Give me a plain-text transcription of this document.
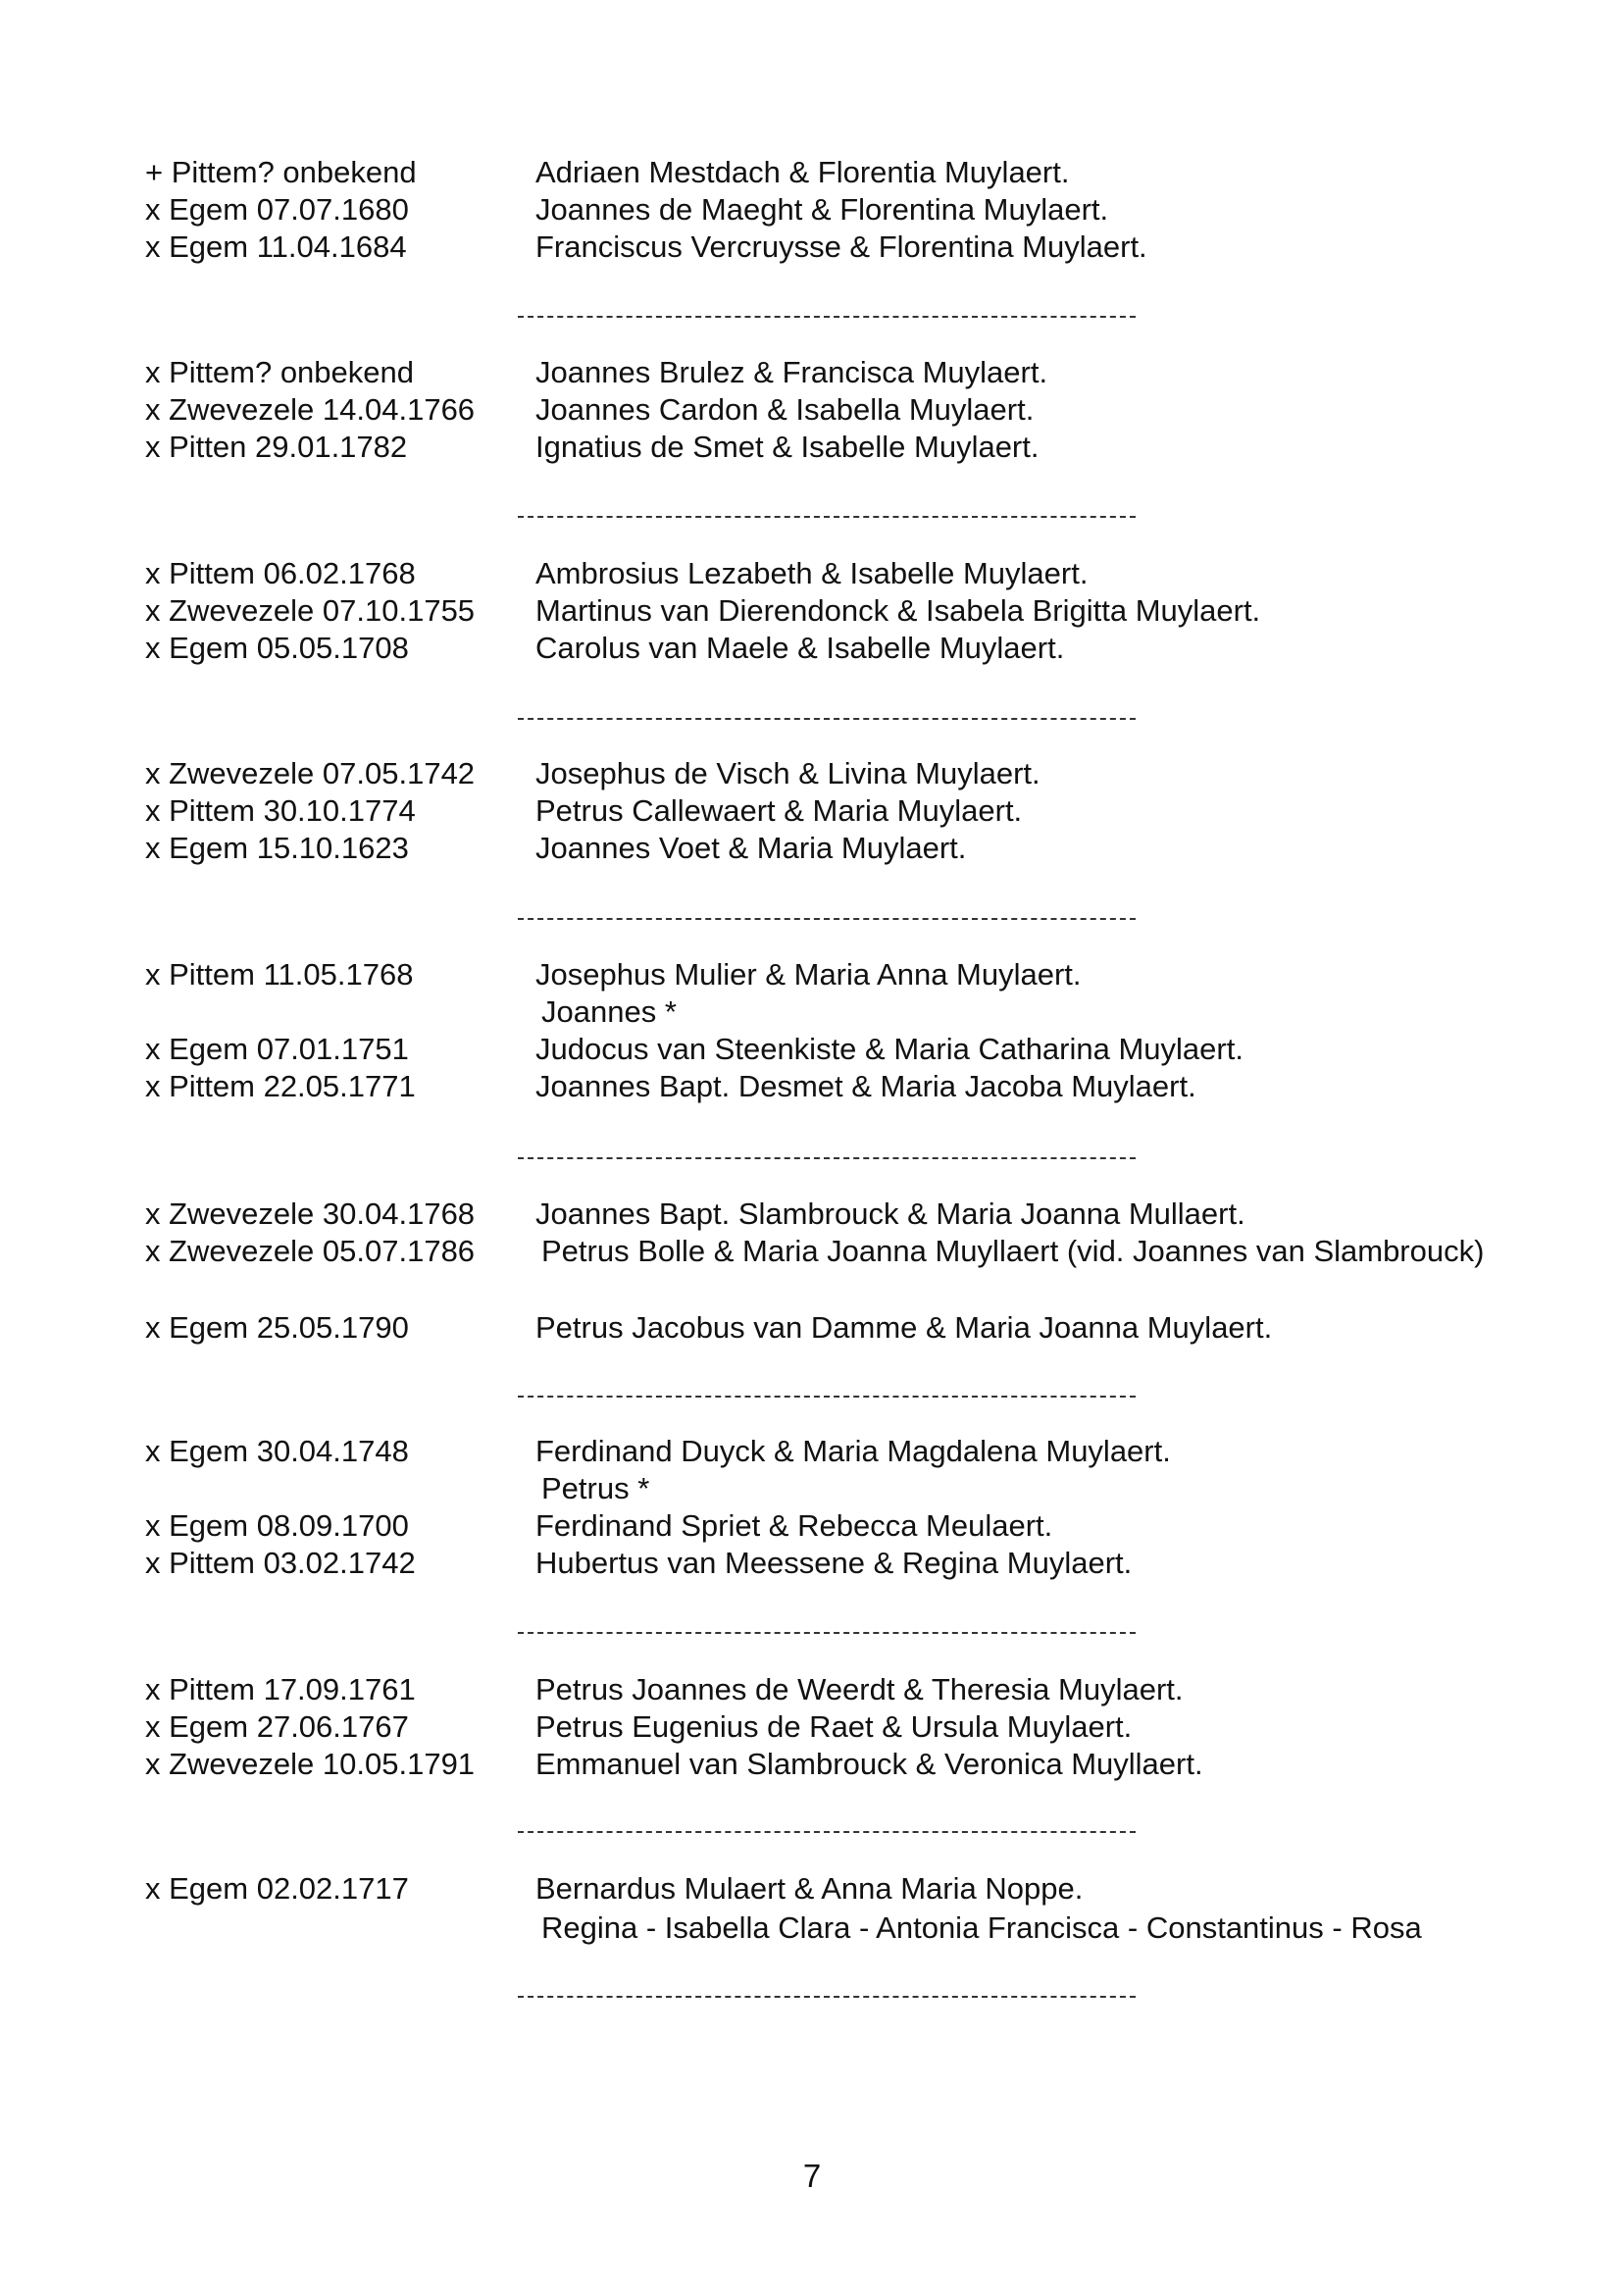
+ Pittem? onbekend	Adriaen Mestdach & Florentia Muylaert.
x Egem 07.07.1680	Joannes de Maeght & Florentina Muylaert.
x Egem 11.04.1684	Franciscus Vercruysse & Florentina Muylaert.
x Pittem? onbekend	Joannes Brulez & Francisca Muylaert.
x Zwevezele 14.04.1766 Joannes Cardon & Isabella Muylaert.
x Pitten 29.01.1782	Ignatius de Smet & Isabelle Muylaert.
x Pittem 06.02.1768	Ambrosius Lezabeth & Isabelle Muylaert.
x Zwevezele 07.10.1755 Martinus van Dierendonck & Isabela Brigitta Muylaert.
x Egem 05.05.1708	Carolus van Maele & Isabelle Muylaert.
x Zwevezele 07.05.1742 Josephus de Visch & Livina Muylaert.
x Pittem 30.10.1774	Petrus Callewaert & Maria Muylaert.
x Egem 15.10.1623	Joannes Voet & Maria Muylaert.
x Pittem 11.05.1768	Josephus Mulier & Maria Anna Muylaert.
Joannes *
x Egem 07.01.1751	Judocus van Steenkiste & Maria Catharina Muylaert.
x Pittem 22.05.1771	Joannes Bapt. Desmet & Maria Jacoba Muylaert.
x Zwevezele 30.04.1768 Joannes Bapt. Slambrouck & Maria Joanna Mullaert.
x Zwevezele 05.07.1786 Petrus Bolle & Maria Joanna Muyllaert (vid. Joannes van Slambrouck)
x Egem 25.05.1790	Petrus Jacobus van Damme & Maria Joanna Muylaert.
x Egem 30.04.1748	Ferdinand Duyck & Maria Magdalena Muylaert.
Petrus *
x Egem 08.09.1700	Ferdinand Spriet & Rebecca Meulaert.
x Pittem 03.02.1742	Hubertus van Meessene & Regina Muylaert.
x Pittem 17.09.1761	Petrus Joannes de Weerdt & Theresia Muylaert.
x Egem 27.06.1767	Petrus Eugenius de Raet & Ursula Muylaert.
x Zwevezele 10.05.1791 Emmanuel van Slambrouck & Veronica Muyllaert.
x Egem 02.02.1717	Bernardus Mulaert & Anna Maria Noppe.
Regina - Isabella Clara - Antonia Francisca - Constantinus - Rosa
7
